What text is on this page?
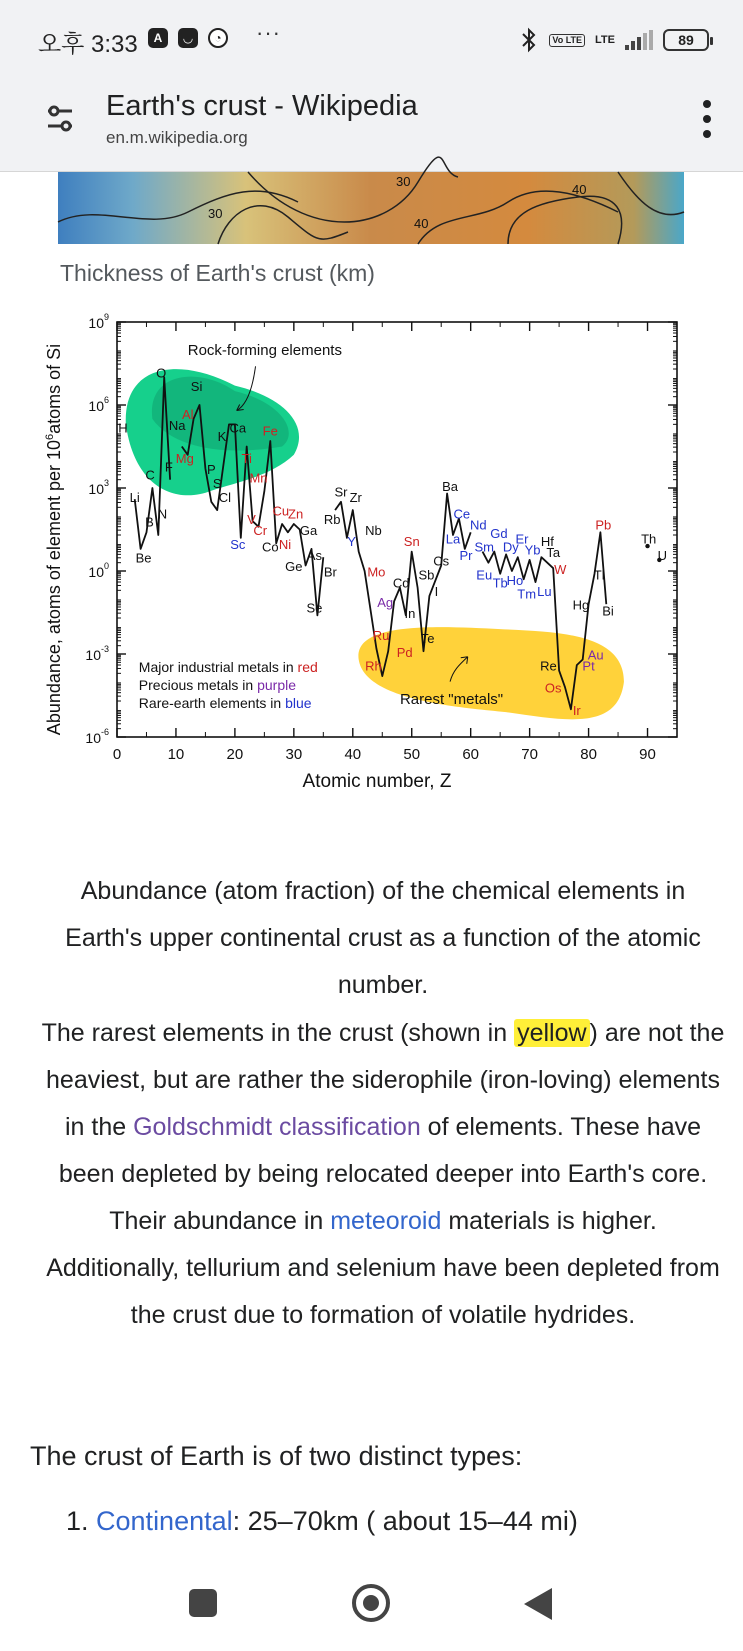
오후 3:33	A	◡	◔ ···	Vo LTE LTE	89
Earth's crust - Wikipedia
en.m.wikipedia.org
30
40
30
40
Thickness of Earth's crust (km)
$10^9$
$10^6$
$10^3$
$10^0$
$10^{-3}$
$10^{-6}$
0	10	20	30	40	50	60	70	80	90
Atomic number, Z
Abundance, atoms of element per $10^6atoms$ of Si	H
Li
Be
B
C
N
O
F
Na
Mg
Al
Si
P
S
Cl
K
Ca
Ti
Mn
Fe
Sc
V
Cr
Co Ni
Cu
Zn
Ga
Ge
As
Se
Br
Rb
Sr Zr
Y
Nb
Mo
Ru
Rh
Pd
Ag
Cd
In
Sn
Sb
Te
I
Cs
Ba
La
Ce
Pr
Nd
Sm
Eu
Gd
Tb
Dy
Ho
Er
Tm
Yb
Lu
Hf
Ta
W
Re
Os
Ir
Pt
Au
Hg
Tl
Pb
Bi
Th
U
Rock-forming elements
Rarest "metals"
Major industrial metals in red
Precious metals in purple
Rare-earth elements in blue
Abundance (atom fraction) of the chemical elements in Earth's upper continental crust as a function of the atomic number.
The rarest elements in the crust (shown in yellow ) are not the heaviest, but are rather the siderophile (iron-loving) elements in the Goldschmidt classification of elements. These have been depleted by being relocated deeper into Earth's core. Their abundance in meteoroid materials is higher. Additionally, tellurium and selenium have been depleted from the crust due to formation of volatile hydrides.
The crust of Earth is of two distinct types:
1. Continental: 25–70km ( about 15–44 mi)
